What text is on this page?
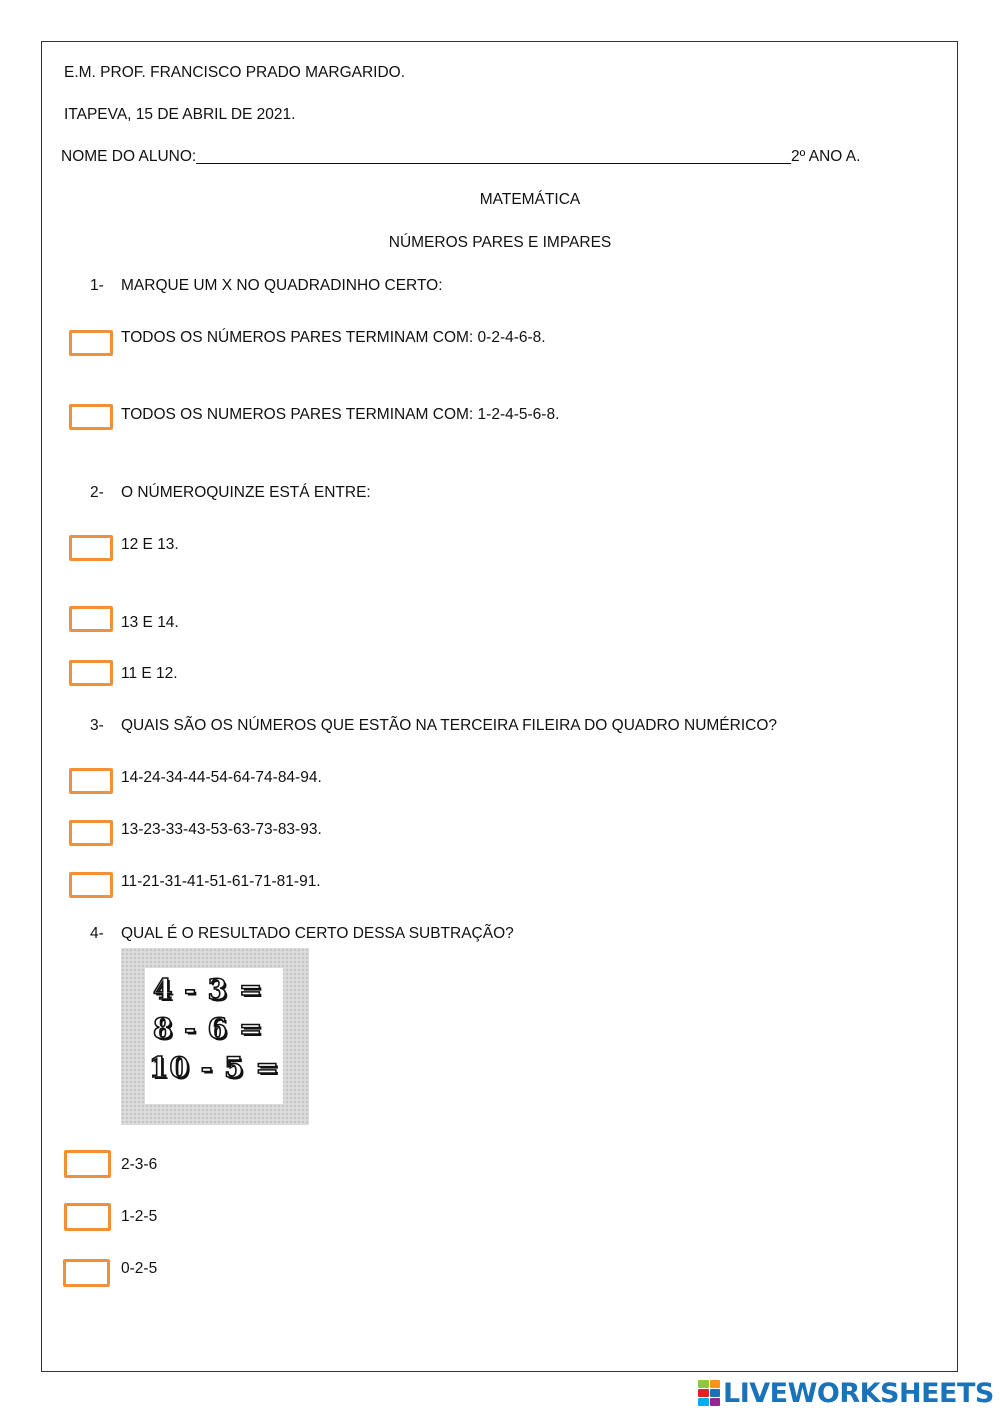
E.M. PROF. FRANCISCO PRADO MARGARIDO.
ITAPEVA, 15 DE ABRIL DE 2021.
NOME DO ALUNO:_____________________________________________________________________2º ANO A.
MATEMÁTICA
NÚMEROS PARES E IMPARES
1- MARQUE UM X NO QUADRADINHO CERTO:
TODOS OS NÚMEROS PARES TERMINAM COM: 0-2-4-6-8.
TODOS OS NUMEROS PARES TERMINAM COM: 1-2-4-5-6-8.
2- O NÚMEROQUINZE ESTÁ ENTRE:
12 E 13.
13 E 14.
11 E 12.
3- QUAIS SÃO OS NÚMEROS QUE ESTÃO NA TERCEIRA FILEIRA DO QUADRO NUMÉRICO?
14-24-34-44-54-64-74-84-94.
13-23-33-43-53-63-73-83-93.
11-21-31-41-51-61-71-81-91.
4- QUAL É O RESULTADO CERTO DESSA SUBTRAÇÃO?
4 - 3 =
8 - 6 =
10 - 5 =
2-3-6
1-2-5
0-2-5
LIVEWORKSHEETS
